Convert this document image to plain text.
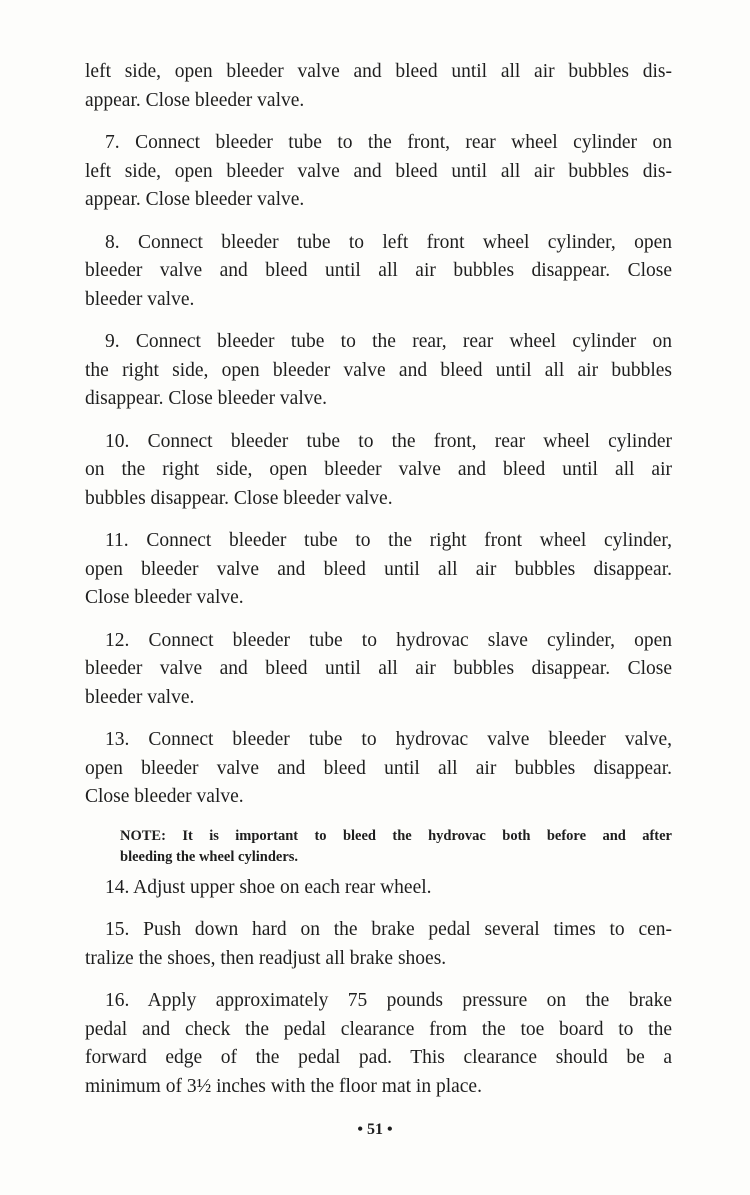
left side, open bleeder valve and bleed until all air bubbles dis-
appear. Close bleeder valve.
7. Connect bleeder tube to the front, rear wheel cylinder on
left side, open bleeder valve and bleed until all air bubbles dis-
appear. Close bleeder valve.
8. Connect bleeder tube to left front wheel cylinder, open
bleeder valve and bleed until all air bubbles disappear. Close
bleeder valve.
9. Connect bleeder tube to the rear, rear wheel cylinder on
the right side, open bleeder valve and bleed until all air bubbles
disappear. Close bleeder valve.
10. Connect bleeder tube to the front, rear wheel cylinder
on the right side, open bleeder valve and bleed until all air
bubbles disappear. Close bleeder valve.
11. Connect bleeder tube to the right front wheel cylinder,
open bleeder valve and bleed until all air bubbles disappear.
Close bleeder valve.
12. Connect bleeder tube to hydrovac slave cylinder, open
bleeder valve and bleed until all air bubbles disappear. Close
bleeder valve.
13. Connect bleeder tube to hydrovac valve bleeder valve,
open bleeder valve and bleed until all air bubbles disappear.
Close bleeder valve.
NOTE: It is important to bleed the hydrovac both before and after
bleeding the wheel cylinders.
14. Adjust upper shoe on each rear wheel.
15. Push down hard on the brake pedal several times to cen-
tralize the shoes, then readjust all brake shoes.
16. Apply approximately 75 pounds pressure on the brake
pedal and check the pedal clearance from the toe board to the
forward edge of the pedal pad. This clearance should be a
minimum of 3½ inches with the floor mat in place.
• 51 •
